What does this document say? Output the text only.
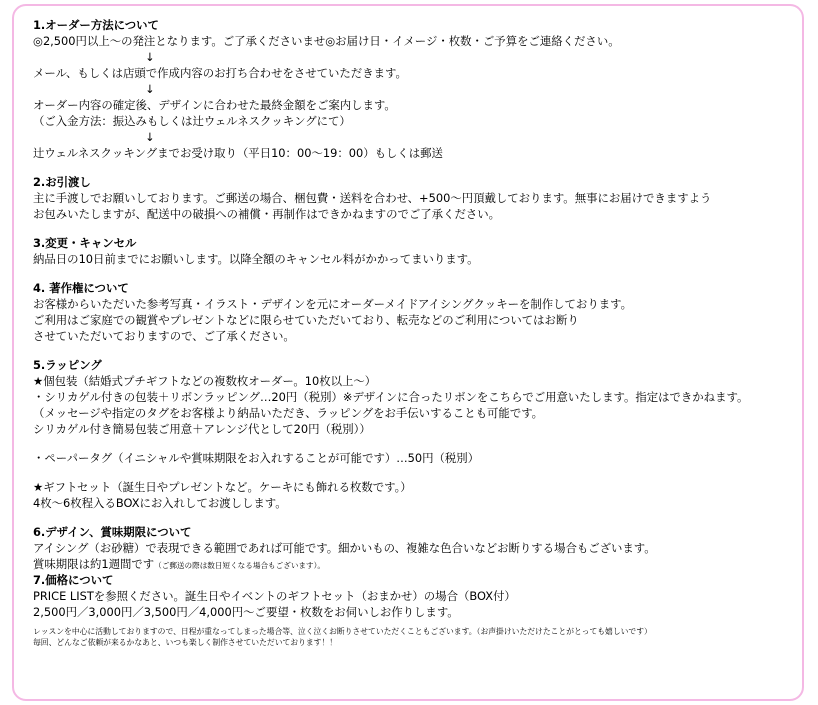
1.オーダー方法について
◎2,500円以上～の発注となります。ご了承くださいませ◎お届け日・イメージ・枚数・ご予算をご連絡ください。
↓
メール、もしくは店頭で作成内容のお打ち合わせをさせていただきます。
↓
オーダー内容の確定後、デザインに合わせた最終金額をご案内します。
（ご入金方法：振込みもしくは辻ウェルネスクッキングにて）
↓
辻ウェルネスクッキングまでお受け取り（平日10：00～19：00）もしくは郵送
2.お引渡し
主に手渡しでお願いしております。ご郵送の場合、梱包費・送料を合わせ、+500～円頂戴しております。無事にお届けできますよう
お包みいたしますが、配送中の破損への補償・再制作はできかねますのでご了承ください。
3.変更・キャンセル
納品日の10日前までにお願いします。以降全額のキャンセル料がかかってまいります。
4. 著作権について
お客様からいただいた参考写真・イラスト・デザインを元にオーダーメイドアイシングクッキーを制作しております。
ご利用はご家庭での観賞やプレゼントなどに限らせていただいており、転売などのご利用についてはお断り
させていただいておりますので、ご了承ください。
5.ラッピング
★個包装（結婚式プチギフトなどの複数枚オーダー。10枚以上～）
・シリカゲル付きの包装＋リボンラッピング…20円（税別）※デザインに合ったリボンをこちらでご用意いたします。指定はできかねます。
（メッセージや指定のタグをお客様より納品いただき、ラッピングをお手伝いすることも可能です。
シリカゲル付き簡易包装ご用意＋アレンジ代として20円（税別））
・ペーパータグ（イニシャルや賞味期限をお入れすることが可能です）…50円（税別）
★ギフトセット（誕生日やプレゼントなど。ケーキにも飾れる枚数です。）
4枚～6枚程入るBOXにお入れしてお渡しします。
6.デザイン、賞味期限について
アイシング（お砂糖）で表現できる範囲であれば可能です。細かいもの、複雑な色合いなどお断りする場合もございます。
賞味期限は約1週間です（ご郵送の際は数日短くなる場合もございます）。
7.価格について
PRICE LISTを参照ください。誕生日やイベントのギフトセット（おまかせ）の場合（BOX付）
2,500円／3,000円／3,500円／4,000円～ご要望・枚数をお伺いしお作りします。
レッスンを中心に活動しておりますので、日程が重なってしまった場合等、泣く泣くお断りさせていただくこともございます。（お声掛けいただけたことがとっても嬉しいです）
毎回、どんなご依頼が来るかなあと、いつも楽しく制作させていただいております！！
